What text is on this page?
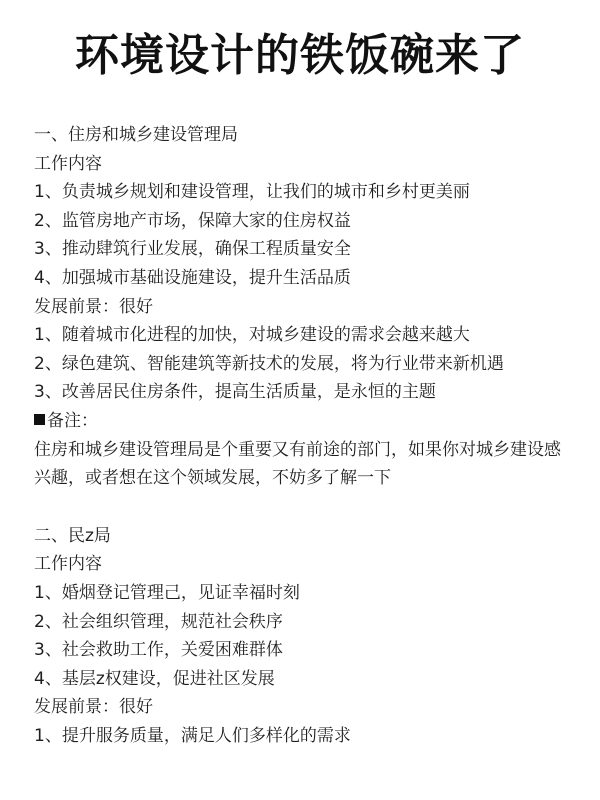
环境设计的铁饭碗来了
一、住房和城乡建设管理局
工作内容
1、负责城乡规划和建设管理，让我们的城市和乡村更美丽
2、监管房地产市场，保障大家的住房权益
3、推动肆筑行业发展，确保工程质量安全
4、加强城市基础设施建设，提升生活品质
发展前景：很好
1、随着城市化进程的加快，对城乡建设的需求会越来越大
2、绿色建筑、智能建筑等新技术的发展，将为行业带来新机遇
3、改善居民住房条件，提高生活质量，是永恒的主题
备注：
住房和城乡建设管理局是个重要又有前途的部门，如果你对城乡建设感兴趣，或者想在这个领域发展，不妨多了解一下
二、民z局
工作内容
1、婚烟登记管理己，见证幸福时刻
2、社会组织管理，规范社会秩序
3、社会救助工作，关爱困难群体
4、基层z权建设，促进社区发展
发展前景：很好
1、提升服务质量，满足人们多样化的需求
